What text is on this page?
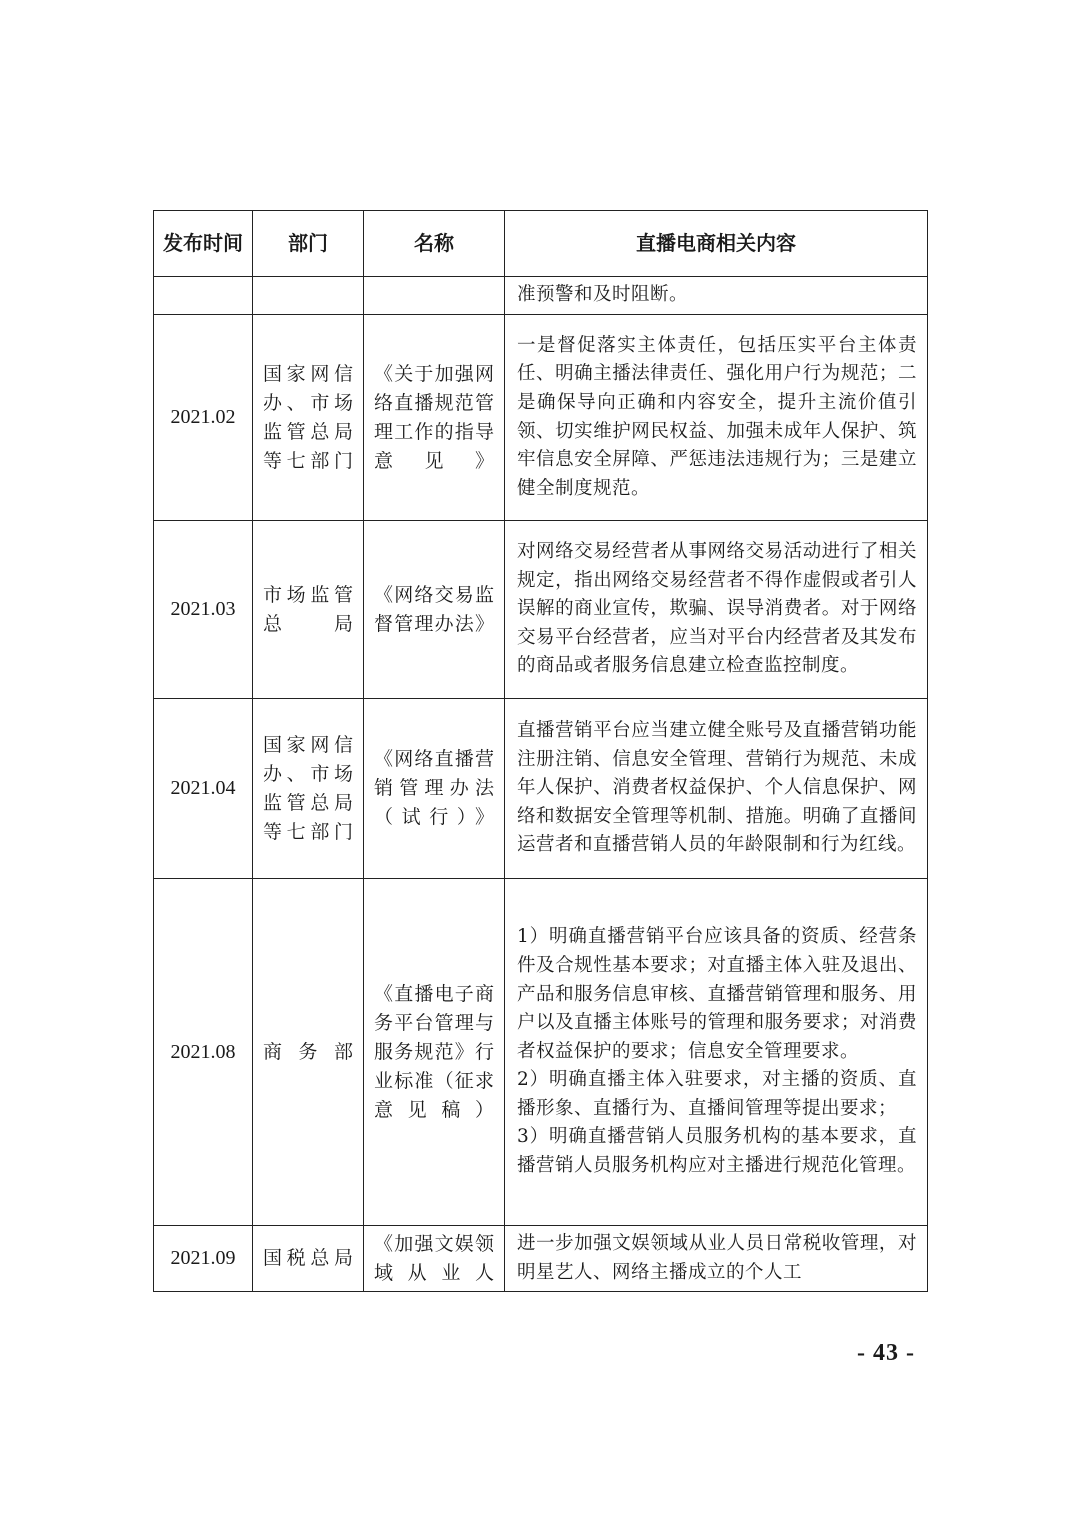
发布时间	部门	名称	直播电商相关内容

			准预警和及时阻断。

2021.02	国家网信办、市场监管总局等七部门	《关于加强网络直播规范管理工作的指导意见》	一是督促落实主体责任，包括压实平台主体责任、明确主播法律责任、强化用户行为规范；二是确保导向正确和内容安全，提升主流价值引领、切实维护网民权益、加强未成年人保护、筑牢信息安全屏障、严惩违法违规行为；三是建立健全制度规范。

2021.03	市场监管总局	《网络交易监督管理办法》	对网络交易经营者从事网络交易活动进行了相关规定，指出网络交易经营者不得作虚假或者引人误解的商业宣传，欺骗、误导消费者。对于网络交易平台经营者，应当对平台内经营者及其发布的商品或者服务信息建立检查监控制度。

2021.04	国家网信办、市场监管总局等七部门	《网络直播营销管理办法（试行）》	直播营销平台应当建立健全账号及直播营销功能注册注销、信息安全管理、营销行为规范、未成年人保护、消费者权益保护、个人信息保护、网络和数据安全管理等机制、措施。明确了直播间运营者和直播营销人员的年龄限制和行为红线。

2021.08	商务部	《直播电子商务平台管理与服务规范》行业标准（征求意见稿）	1）明确直播营销平台应该具备的资质、经营条件及合规性基本要求；对直播主体入驻及退出、产品和服务信息审核、直播营销管理和服务、用户以及直播主体账号的管理和服务要求；对消费者权益保护的要求；信息安全管理要求。
2）明确直播主体入驻要求，对主播的资质、直播形象、直播行为、直播间管理等提出要求；
3）明确直播营销人员服务机构的基本要求，直播营销人员服务机构应对主播进行规范化管理。

2021.09	国税总局	《加强文娱领域从业人	进一步加强文娱领域从业人员日常税收管理，对明星艺人、网络主播成立的个人工
- 43 -
